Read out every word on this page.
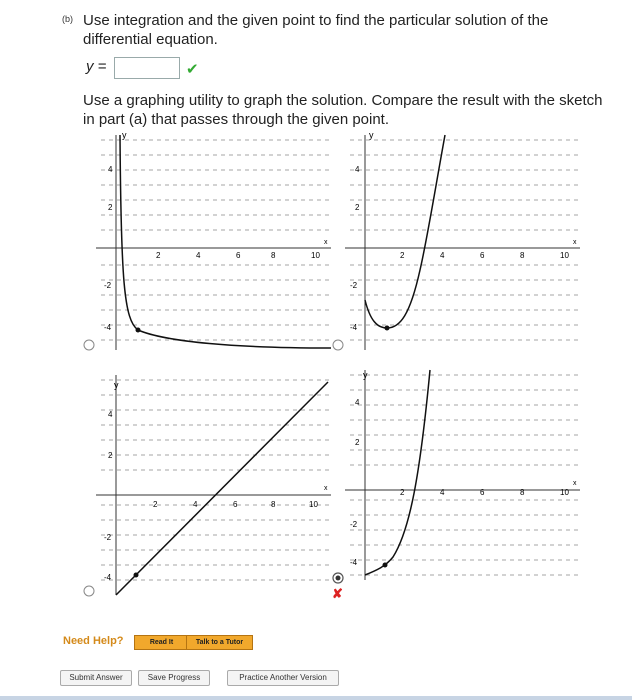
(b) Use integration and the given point to find the particular solution of the differential equation.
y =	✔
Use a graphing utility to graph the solution. Compare the result with the sketch in part (a) that passes through the given point.
y
x
2	4	6	8	10
4
2
-2
-4
y
x
2	4	6	8	10
4
2
-2
-4
y
x
2	4	6	8	10
4
2
-2
-4
y
x
2	4	6	8	10
4
2
-2
-4
✘
Need Help?	Read It	Talk to a Tutor
Submit Answer	Save Progress	Practice Another Version
